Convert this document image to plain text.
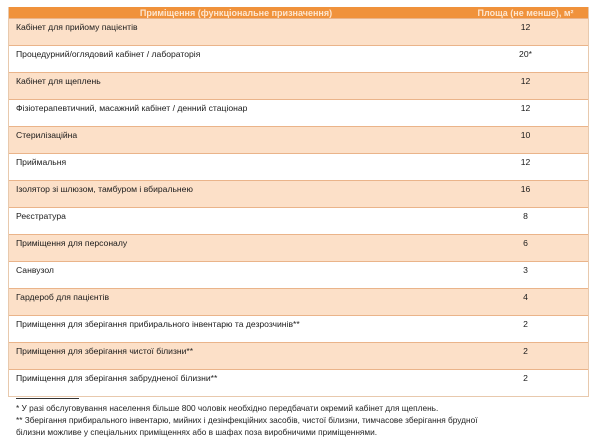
Приміщення (функціональне призначення)	Площа (не менше), м²
Кабінет для прийому пацієнтів	12
Процедурний/оглядовий кабінет / лабораторія	20*
Кабінет для щеплень	12
Фізіотерапевтичний, масажний кабінет / денний стаціонар	12
Стерилізаційна	10
Приймальня	12
Ізолятор зі шлюзом, тамбуром і вбиральнею	16
Реєстратура	8
Приміщення для персоналу	6
Санвузол	3
Гардероб для пацієнтів	4
Приміщення для зберігання прибирального інвентарю та дезрозчинів**	2
Приміщення для зберігання чистої білизни**	2
Приміщення для зберігання забрудненої білизни**	2
* У разі обслуговування населення більше 800 чоловік необхідно передбачати окремий кабінет для щеплень.
** Зберігання прибирального інвентарю, мийних і дезінфекційних засобів, чистої білизни, тимчасове зберігання брудної
білизни можливе у спеціальних приміщеннях або в шафах поза виробничими приміщеннями.
